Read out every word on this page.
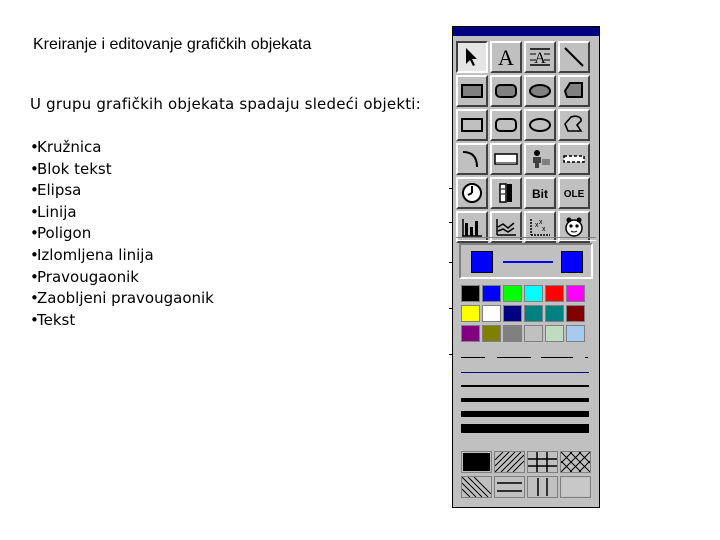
Kreiranje i editovanje grafičkih objekata
U grupu grafičkih objekata spadaju sledeći objekti:
•Kružnica
•Blok tekst
•Elipsa
•Linija
•Poligon
•Izlomljena linija
•Pravougaonik
•Zaobljeni pravougaonik
•Tekst
A A
Bit OLE
x
x
x
